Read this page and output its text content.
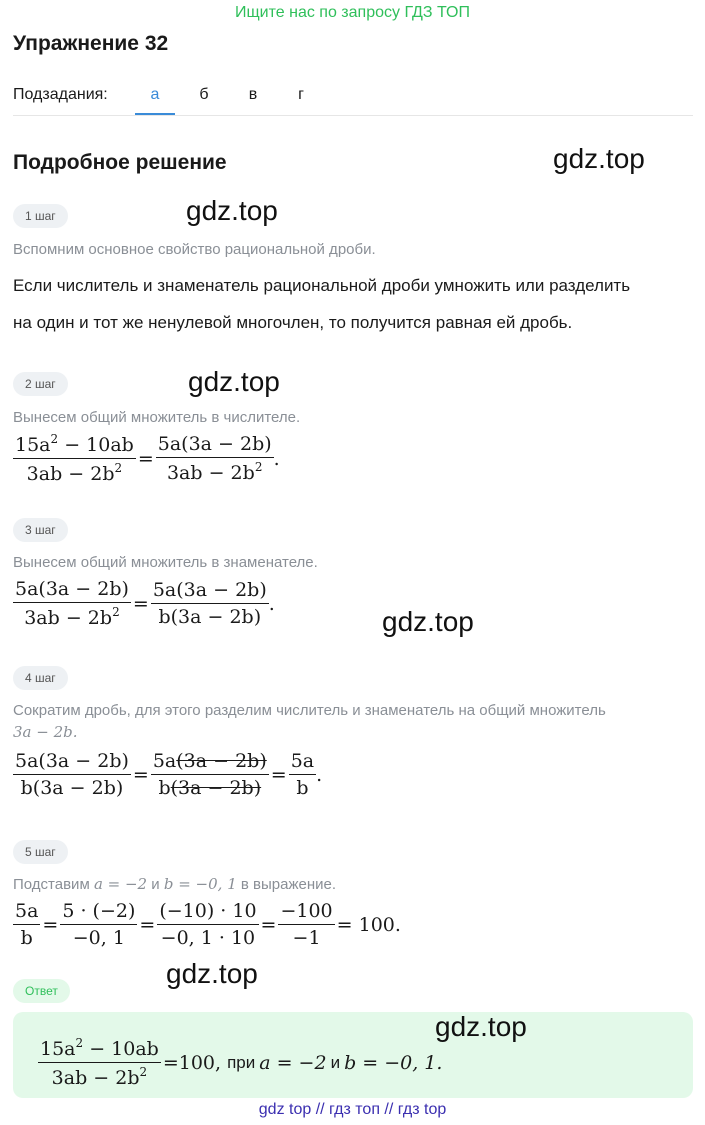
Ищите нас по запросу ГДЗ ТОП
Упражнение 32
Подзадания:	а	б	в	г
Подробное решение	gdz.top
1 шаг	gdz.top
Вспомним основное свойство рациональной дроби.
Если числитель и знаменатель рациональной дроби умножить или разделить
на один и тот же ненулевой многочлен, то получится равная ей дробь.
2 шаг	gdz.top
Вынесем общий множитель в числителе.
$\frac{15a^2 - 10ab}{3ab - 2b^2} = \frac{5a(3a - 2b)}{3ab - 2b^2}$ .
3 шаг
Вынесем общий множитель в знаменателе.
$\frac{5a(3a - 2b)}{3ab - 2b^2} = \frac{5a(3a - 2b)}{b(3a - 2b)}$ .
gdz.top
4 шаг
Сократим дробь, для этого разделим числитель и знаменатель на общий множитель
3a − 2b.
$\frac{5a(3a - 2b)}{b(3a - 2b)} = \frac{5a(3a - 2b)}{b(3a - 2b)} = \frac{5a}{b}$ .
5 шаг
Подставим a = −2 и b = −0, 1 в выражение.
$\frac{5a}{b} = \frac{5 \cdot (-2)}{-0, 1} = \frac{(-10) \cdot 10}{-0, 1 \cdot 10} = \frac{-100}{-1} = 100$.
gdz.top
Ответ
gdz.top
$\frac{15a^2 - 10ab}{3ab - 2b^2} =100$, при a = −2 и b = −0, 1.
gdz top // гдз топ // гдз top
